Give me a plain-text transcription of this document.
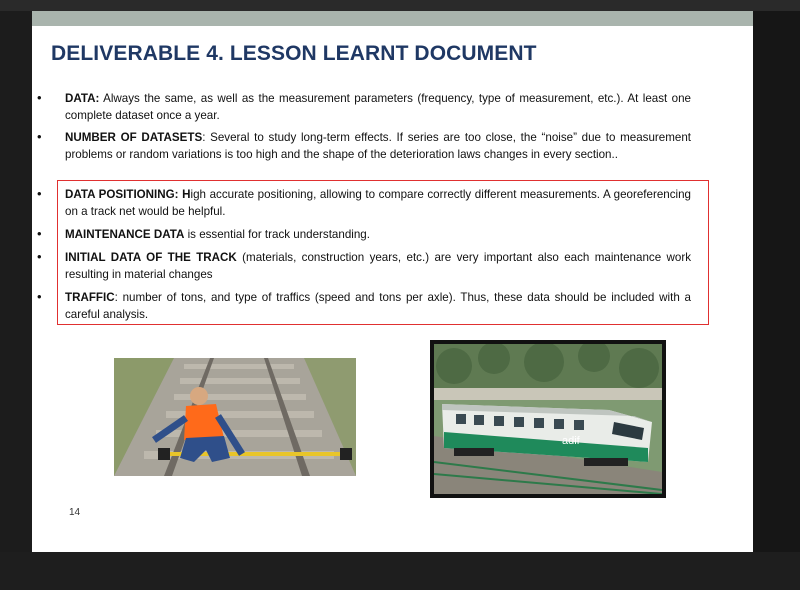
DELIVERABLE 4. LESSON LEARNT DOCUMENT
• DATA: Always the same, as well as the measurement parameters (frequency, type of measurement, etc.). At least one complete dataset once a year.
• NUMBER OF DATASETS: Several to study long-term effects. If series are too close, the “noise” due to measurement problems or random variations is too high and the shape of the deterioration laws changes in every section..
• DATA POSITIONING: High accurate positioning, allowing to compare correctly different measurements. A georeferencing on a track net would be helpful.
• MAINTENANCE DATA is essential for track understanding.
• INITIAL DATA OF THE TRACK (materials, construction years, etc.) are very important also each maintenance work resulting in material changes
• TRAFFIC: number of tons, and type of traffics (speed and tons per axle). Thus, these data should be included with a careful analysis.
adif
14
